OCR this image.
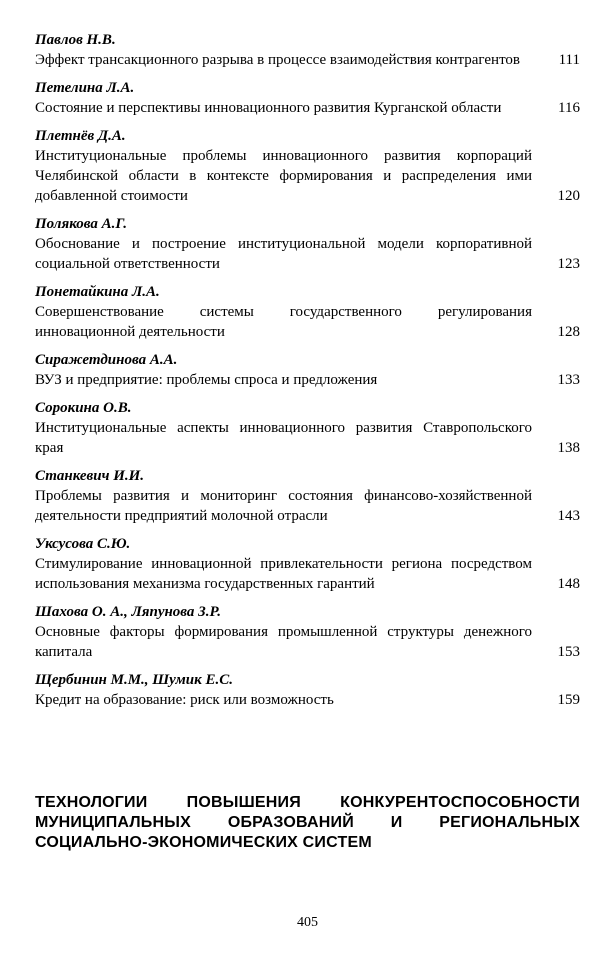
Павлов Н.В.
Эффект трансакционного разрыва в процессе взаимодействия контрагентов	111
Петелина Л.А.
Состояние и перспективы инновационного развития Курганской области	116
Плетнёв Д.А.
Институциональные проблемы инновационного развития корпораций Челябинской области в контексте формирования и распределения ими добавленной стоимости	120
Полякова А.Г.
Обоснование и построение институциональной модели корпоративной социальной ответственности	123
Понетайкина Л.А.
Совершенствование системы государственного регулирования инновационной деятельности	128
Сиражетдинова А.А.
ВУЗ и предприятие: проблемы спроса и предложения	133
Сорокина О.В.
Институциональные аспекты инновационного развития Ставропольского края	138
Станкевич И.И.
Проблемы развития и мониторинг состояния финансово-хозяйственной деятельности предприятий молочной отрасли	143
Уксусова С.Ю.
Стимулирование инновационной привлекательности региона посредством использования механизма государственных гарантий	148
Шахова О. А., Ляпунова З.Р.
Основные факторы формирования промышленной структуры денежного капитала	153
Щербинин М.М., Шумик Е.С.
Кредит на образование: риск или возможность	159
ТЕХНОЛОГИИ ПОВЫШЕНИЯ КОНКУРЕНТОСПОСОБНОСТИ МУНИЦИПАЛЬНЫХ ОБРАЗОВАНИЙ И РЕГИОНАЛЬНЫХ СОЦИАЛЬНО-ЭКОНОМИЧЕСКИХ СИСТЕМ
405
